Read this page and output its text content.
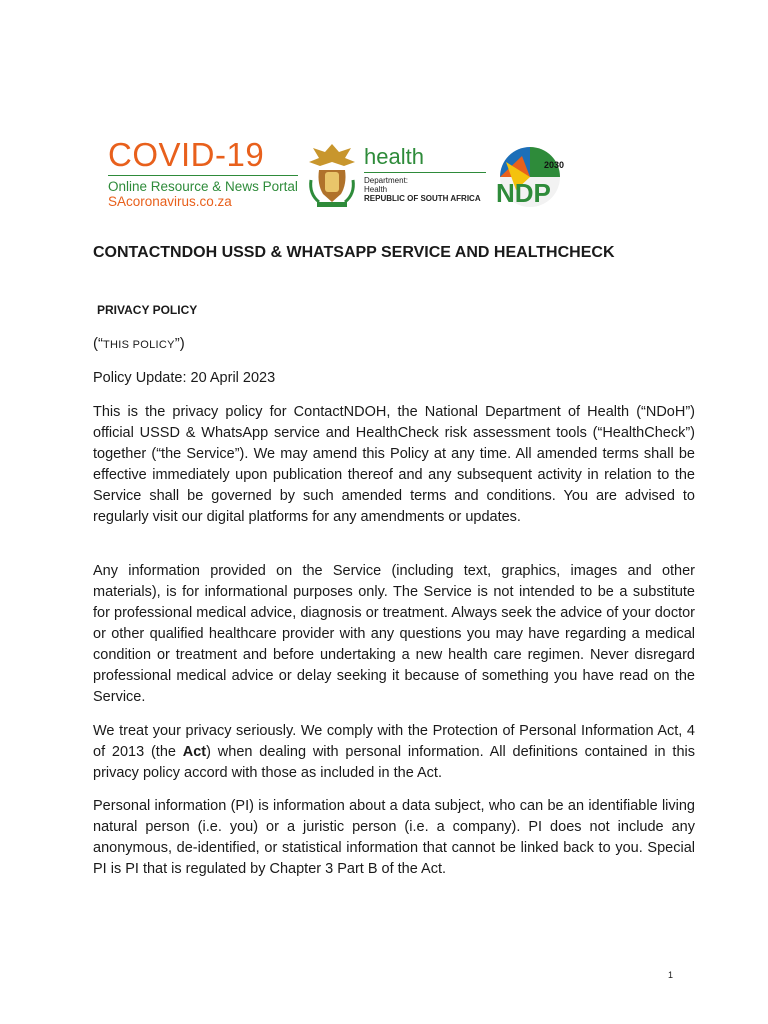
COVID-19
Online Resource & News Portal
SAcoronavirus.co.za
health
Department:
Health
REPUBLIC OF SOUTH AFRICA
2030
NDP
CONTACTNDOH USSD & WHATSAPP SERVICE AND HEALTHCHECK
PRIVACY POLICY
(“THIS POLICY”)
Policy Update: 20 April 2023

This is the privacy policy for ContactNDOH, the National Department of Health (“NDoH”) official USSD & WhatsApp service and HealthCheck risk assessment tools (“HealthCheck”) together (“the Service”). We may amend this Policy at any time. All amended terms shall be effective immediately upon publication thereof and any subsequent activity in relation to the Service shall be governed by such amended terms and conditions. You are advised to regularly visit our digital platforms for any amendments or updates.

Any information provided on the Service (including text, graphics, images and other materials), is for informational purposes only. The Service is not intended to be a substitute for professional medical advice, diagnosis or treatment. Always seek the advice of your doctor or other qualified healthcare provider with any questions you may have regarding a medical condition or treatment and before undertaking a new health care regimen. Never disregard professional medical advice or delay seeking it because of something you have read on the Service.

We treat your privacy seriously. We comply with the Protection of Personal Information Act, 4 of 2013 (the Act) when dealing with personal information. All definitions contained in this privacy policy accord with those as included in the Act.

Personal information (PI) is information about a data subject, who can be an identifiable living natural person (i.e. you) or a juristic person (i.e. a company). PI does not include any anonymous, de-identified, or statistical information that cannot be linked back to you. Special PI is PI that is regulated by Chapter 3 Part B of the Act.

1
